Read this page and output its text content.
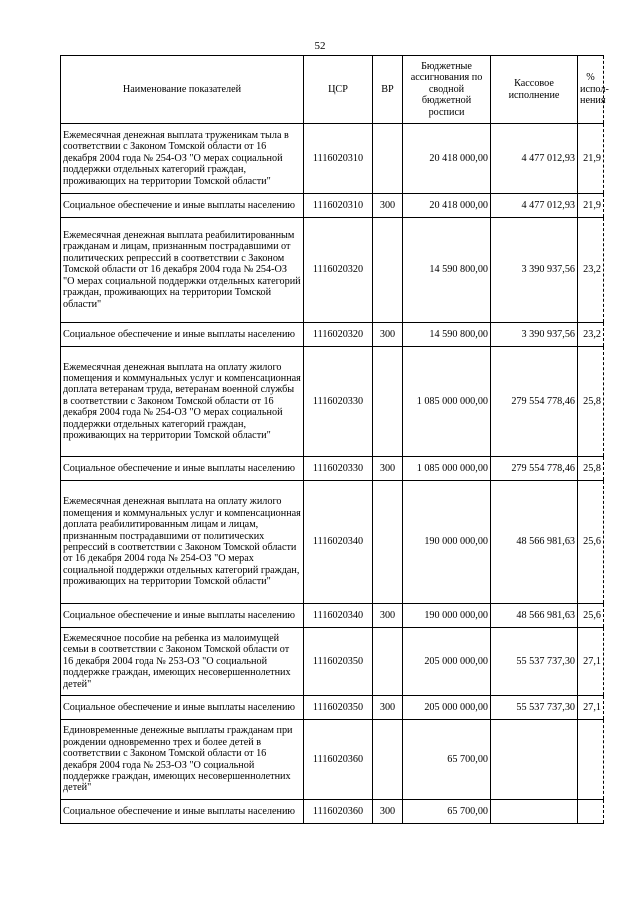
52
Наименование показателей	ЦСР	ВР	Бюджетные ассигнования по сводной бюджетной росписи	Кассовое исполнение	% испол-нения
Ежемесячная денежная выплата труженикам тыла в соответствии с Законом Томской области от 16 декабря 2004 года № 254-ОЗ "О мерах социальной поддержки отдельных категорий граждан, проживающих на территории Томской области"	1116020310		20 418 000,00	4 477 012,93	21,9
Социальное обеспечение и иные выплаты населению	1116020310	300	20 418 000,00	4 477 012,93	21,9
Ежемесячная денежная выплата реабилитированным гражданам и лицам, признанным пострадавшими от политических репрессий в соответствии с Законом Томской области от 16 декабря 2004 года № 254-ОЗ "О мерах социальной поддержки отдельных категорий граждан, проживающих на территории Томской области"	1116020320		14 590 800,00	3 390 937,56	23,2
Социальное обеспечение и иные выплаты населению	1116020320	300	14 590 800,00	3 390 937,56	23,2
Ежемесячная денежная выплата на оплату жилого помещения и коммунальных услуг и компенсационная доплата ветеранам труда, ветеранам военной службы в соответствии с Законом Томской области от 16 декабря 2004 года № 254-ОЗ "О мерах социальной поддержки отдельных категорий граждан, проживающих на территории Томской области"	1116020330		1 085 000 000,00	279 554 778,46	25,8
Социальное обеспечение и иные выплаты населению	1116020330	300	1 085 000 000,00	279 554 778,46	25,8
Ежемесячная денежная выплата на оплату жилого помещения и коммунальных услуг и компенсационная доплата реабилитированным лицам и лицам, признанным пострадавшими от политических репрессий в соответствии с Законом Томской области от 16 декабря 2004 года № 254-ОЗ "О мерах социальной поддержки отдельных категорий граждан, проживающих на территории Томской области"	1116020340		190 000 000,00	48 566 981,63	25,6
Социальное обеспечение и иные выплаты населению	1116020340	300	190 000 000,00	48 566 981,63	25,6
Ежемесячное пособие на ребенка из малоимущей семьи в соответствии с Законом Томской области от 16 декабря 2004 года № 253-ОЗ "О социальной поддержке граждан, имеющих несовершеннолетних детей"	1116020350		205 000 000,00	55 537 737,30	27,1
Социальное обеспечение и иные выплаты населению	1116020350	300	205 000 000,00	55 537 737,30	27,1
Единовременные денежные выплаты гражданам при рождении одновременно трех и более детей в соответствии с Законом Томской области от 16 декабря 2004 года № 253-ОЗ "О социальной поддержке граждан, имеющих несовершеннолетних детей"	1116020360		65 700,00		
Социальное обеспечение и иные выплаты населению	1116020360	300	65 700,00		
